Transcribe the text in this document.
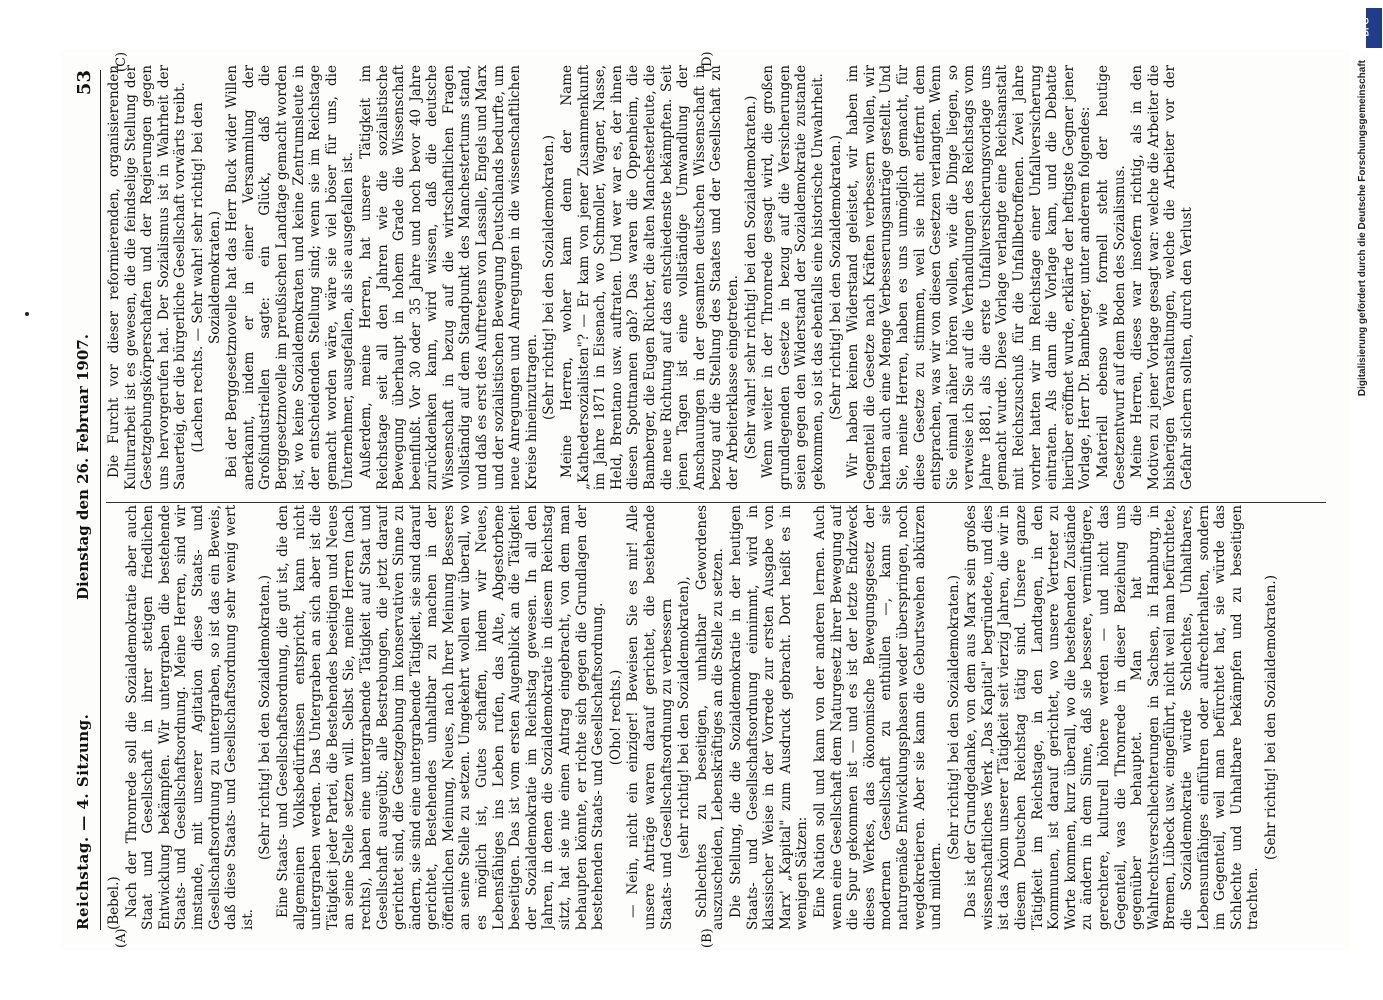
Reichstag. — 4. Sitzung.
Dienstag den 26. Februar 1907.
53

(Bebel.) Nach der Thronrede soll die Sozialdemokratie aber auch Staat und Gesellschaft in ihrer stetigen friedlichen Entwicklung bekämpfen. Wir untergraben die bestehende Staats- und Gesellschaftsordnung. Meine Herren, sind wir imstande, mit unserer Agitation diese Staats- und Gesellschaftsordnung zu untergraben, so ist das ein Beweis, daß diese Staats- und Gesellschaftsordnung sehr wenig wert ist.

(Sehr richtig! bei den Sozialdemokraten.) Eine Staats- und Gesellschaftsordnung, die gut ist, die den allgemeinen Volksbedürfnissen entspricht, kann nicht untergraben werden. Das Untergraben an sich aber ist die Tätigkeit jeder Partei, die Bestehendes beseitigen und Neues an seine Stelle setzen will. Selbst Sie, meine Herren (nach rechts), haben eine untergrabende Tätigkeit auf Staat und Gesellschaft ausgeübt; alle Bestrebungen, die jetzt darauf gerichtet sind, die Gesetzgebung im konservativen Sinne zu ändern, sie sind eine untergrabende Tätigkeit, sie sind darauf gerichtet, Bestehendes unhaltbar zu machen in der öffentlichen Meinung, Neues, nach Ihrer Meinung Besseres an seine Stelle zu setzen. Umgekehrt wollen wir überall, wo es möglich ist, Gutes schaffen, indem wir Neues, Lebensfähiges ins Leben rufen, das Alte, Abgestorbene beseitigen. Das ist vom ersten Augenblick an die Tätigkeit der Sozialdemokratie im Reichstag gewesen. In all den Jahren, in denen die Sozialdemokratie in diesem Reichstag sitzt, hat sie nie einen Antrag eingebracht, von dem man behaupten könnte, er richte sich gegen die Grundlagen der bestehenden Staats- und Gesellschaftsordnung. (Oho! rechts.) — Nein, nicht ein einziger! Beweisen Sie es mir! Alle unsere Anträge waren darauf gerichtet, die bestehende Staats- und Gesellschaftsordnung zu verbessern (sehr richtig! bei den Sozialdemokraten), Schlechtes zu beseitigen, unhaltbar Gewordenes auszuscheiden, Lebenskräftiges an die Stelle zu setzen. Die Stellung, die die Sozialdemokratie in der heutigen Staats- und Gesellschaftsordnung einnimmt, wird in klassischer Weise in der Vorrede zur ersten Ausgabe von Marx' „Kapital" zum Ausdruck gebracht. Dort heißt es in wenigen Sätzen: Eine Nation soll und kann von der anderen lernen. Auch wenn eine Gesellschaft dem Naturgesetz ihrer Bewegung auf die Spur gekommen ist — und es ist der letzte Endzweck dieses Werkes, das ökonomische Bewegungsgesetz der modernen Gesellschaft zu enthüllen —, kann sie naturgemäße Entwicklungsphasen weder überspringen, noch wegdekretieren. Aber sie kann die Geburtswehen abkürzen und mildern.

(Sehr richtig! bei den Sozialdemokraten.) Das ist der Grundgedanke, von dem aus Marx sein großes wissenschaftliches Werk „Das Kapital" begründete, und dies ist das Axiom unserer Tätigkeit seit vierzig Jahren, die wir in diesem Deutschen Reichstag tätig sind. Unsere ganze Tätigkeit im Reichstage, in den Landtagen, in den Kommunen, ist darauf gerichtet, wo unsere Vertreter zu Worte kommen, kurz überall, wo die bestehenden Zustände zu ändern in dem Sinne, daß sie bessere, vernünftigere, gerechtere, kulturell höhere werden — und nicht das Gegenteil, was die Thronrede in dieser Beziehung uns gegenüber behauptet. Man hat die Wahlrechtsverschlechterungen in Sachsen, in Hamburg, in Bremen, Lübeck usw. eingeführt, nicht weil man befürchtete, die Sozialdemokratie würde Schlechtes, Unhaltbares, Lebensunfähiges einführen oder aufrechterhalten, sondern im Gegenteil, weil man befürchtet hat, sie würde das Schlechte und Unhaltbare bekämpfen und zu beseitigen trachten.

(Sehr richtig! bei den Sozialdemokraten.)

Die Furcht vor dieser reformierenden, organisierenden Kulturarbeit ist es gewesen, die die feindselige Stellung der Gesetzgebungskörperschaften und der Regierungen gegen uns hervorgerufen hat. Der Sozialismus ist in Wahrheit der Sauerteig, der die bürgerliche Gesellschaft vorwärts treibt. (Lachen rechts. — Sehr wahr! sehr richtig! bei den Sozialdemokraten.) Bei der Berggesetznovelle hat das Herr Buck wider Willen anerkannt, indem er in einer Versammlung der Großindustriellen sagte: ein Glück, daß die Berggesetznovelle im preußischen Landtage gemacht worden ist, wo keine Sozialdemokraten und keine Zentrumsleute in der entscheidenden Stellung sind; wenn sie im Reichstage gemacht worden wäre, wäre sie viel böser für uns, die Unternehmer, ausgefallen, als sie ausgefallen ist. Außerdem, meine Herren, hat unsere Tätigkeit im Reichstage seit all den Jahren wie die sozialistische Bewegung überhaupt in hohem Grade die Wissenschaft beeinflußt. Vor 30 oder 35 Jahre und noch bevor 40 Jahre zurückdenken kann, wird wissen, daß die deutsche Wissenschaft in bezug auf die wirtschaftlichen Fragen vollständig auf dem Standpunkt des Manchestertums stand, und daß es erst des Auftretens von Lassalle, Engels und Marx und der sozialistischen Bewegung Deutschlands bedurfte, um neue Anregungen und Anregungen in die wissenschaftlichen Kreise hineinzutragen. (Sehr richtig! bei den Sozialdemokraten.) Meine Herren, woher kam denn der Name „Kathedersozialisten"? — Er kam von jener Zusammenkunft im Jahre 1871 in Eisenach, wo Schmoller, Wagner, Nasse, Held, Brentano usw. auftraten. Und wer war es, der ihnen diesen Spottnamen gab? Das waren die Oppenheim, die Bamberger, die Eugen Richter, die alten Manchesterleute, die die neue Richtung auf das entschiedenste bekämpften. Seit jenen Tagen ist eine vollständige Umwandlung der Anschauungen in der gesamten deutschen Wissenschaft in bezug auf die Stellung des Staates und der Gesellschaft zu der Arbeiterklasse eingetreten. (Sehr wahr! sehr richtig! bei den Sozialdemokraten.) Wenn weiter in der Thronrede gesagt wird, die großen grundlegenden Gesetze in bezug auf die Versicherungen seien gegen den Widerstand der Sozialdemokratie zustande gekommen, so ist das ebenfalls eine historische Unwahrheit. (Sehr richtig! bei den Sozialdemokraten.) Wir haben keinen Widerstand geleistet, wir haben im Gegenteil die Gesetze nach Kräften verbessern wollen, wir hatten auch eine Menge Verbesserungsanträge gestellt. Und Sie, meine Herren, haben es uns unmöglich gemacht, für diese Gesetze zu stimmen, weil sie nicht entfernt dem entsprachen, was wir von diesen Gesetzen verlangten. Wenn Sie einmal näher hören wollen, wie die Dinge liegen, so verweise ich Sie auf die Verhandlungen des Reichstags vom Jahre 1881, als die erste Unfallversicherungsvorlage uns gemacht wurde. Diese Vorlage verlangte eine Reichsanstalt mit Reichszuschuß für die Unfallbetroffenen. Zwei Jahre vorher hatten wir im Reichstage einer Unfallversicherung eintraten. Als dann die Vorlage kam, und die Debatte hierüber eröffnet wurde, erklärte der heftigste Gegner jener Vorlage, Herr Dr. Bamberger, unter anderem folgendes: Materiell ebenso wie formell steht der heutige Gesetzentwurf auf dem Boden des Sozialismus. Meine Herren, dieses war insofern richtig, als in den Motiven zu jener Vorlage gesagt war: welche die Arbeiter die bisherigen Veranstaltungen, welche die Arbeiter vor der Gefahr sichern sollten, durch den Verlust

(A)	(B)
(C)	(D)	Digitalisierung gefördert durch die Deutsche Forschungsgemeinschaft
DFG
